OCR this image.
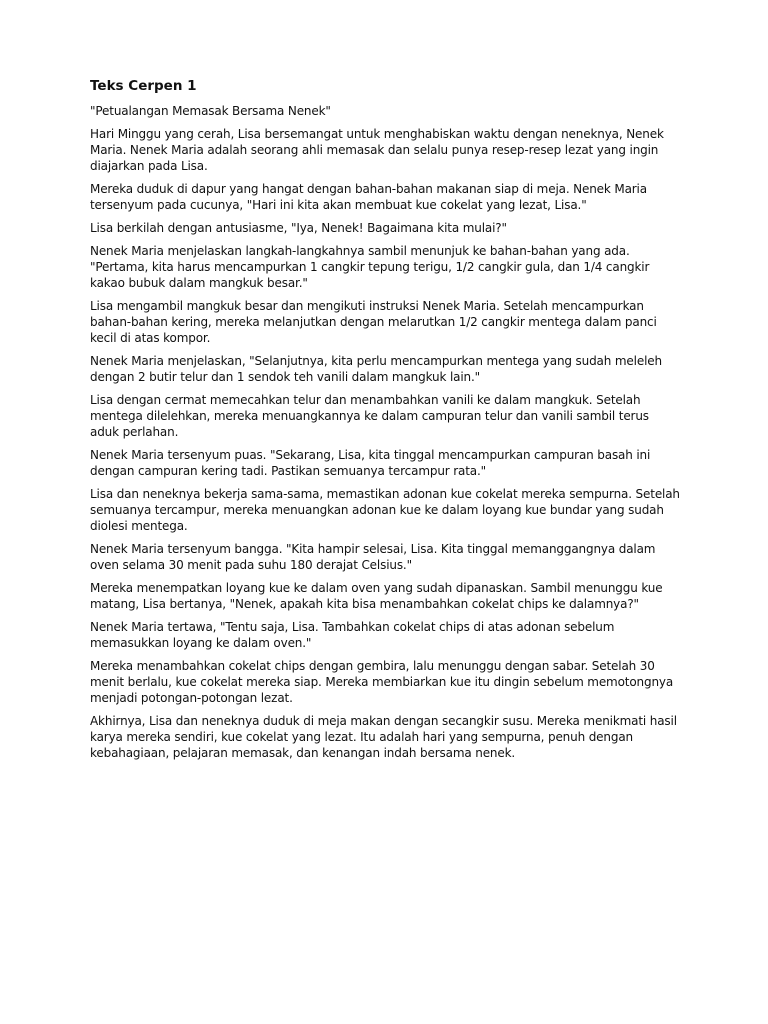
Teks Cerpen 1

"Petualangan Memasak Bersama Nenek"

Hari Minggu yang cerah, Lisa bersemangat untuk menghabiskan waktu dengan neneknya, Nenek Maria. Nenek Maria adalah seorang ahli memasak dan selalu punya resep-resep lezat yang ingin diajarkan pada Lisa.

Mereka duduk di dapur yang hangat dengan bahan-bahan makanan siap di meja. Nenek Maria tersenyum pada cucunya, "Hari ini kita akan membuat kue cokelat yang lezat, Lisa."

Lisa berkilah dengan antusiasme, "Iya, Nenek! Bagaimana kita mulai?"

Nenek Maria menjelaskan langkah-langkahnya sambil menunjuk ke bahan-bahan yang ada. "Pertama, kita harus mencampurkan 1 cangkir tepung terigu, 1/2 cangkir gula, dan 1/4 cangkir kakao bubuk dalam mangkuk besar."

Lisa mengambil mangkuk besar dan mengikuti instruksi Nenek Maria. Setelah mencampurkan bahan-bahan kering, mereka melanjutkan dengan melarutkan 1/2 cangkir mentega dalam panci kecil di atas kompor.

Nenek Maria menjelaskan, "Selanjutnya, kita perlu mencampurkan mentega yang sudah meleleh dengan 2 butir telur dan 1 sendok teh vanili dalam mangkuk lain."

Lisa dengan cermat memecahkan telur dan menambahkan vanili ke dalam mangkuk. Setelah mentega dilelehkan, mereka menuangkannya ke dalam campuran telur dan vanili sambil terus aduk perlahan.

Nenek Maria tersenyum puas. "Sekarang, Lisa, kita tinggal mencampurkan campuran basah ini dengan campuran kering tadi. Pastikan semuanya tercampur rata."

Lisa dan neneknya bekerja sama-sama, memastikan adonan kue cokelat mereka sempurna. Setelah semuanya tercampur, mereka menuangkan adonan kue ke dalam loyang kue bundar yang sudah diolesi mentega.

Nenek Maria tersenyum bangga. "Kita hampir selesai, Lisa. Kita tinggal memanggangnya dalam oven selama 30 menit pada suhu 180 derajat Celsius."

Mereka menempatkan loyang kue ke dalam oven yang sudah dipanaskan. Sambil menunggu kue matang, Lisa bertanya, "Nenek, apakah kita bisa menambahkan cokelat chips ke dalamnya?"

Nenek Maria tertawa, "Tentu saja, Lisa. Tambahkan cokelat chips di atas adonan sebelum memasukkan loyang ke dalam oven."

Mereka menambahkan cokelat chips dengan gembira, lalu menunggu dengan sabar. Setelah 30 menit berlalu, kue cokelat mereka siap. Mereka membiarkan kue itu dingin sebelum memotongnya menjadi potongan-potongan lezat.

Akhirnya, Lisa dan neneknya duduk di meja makan dengan secangkir susu. Mereka menikmati hasil karya mereka sendiri, kue cokelat yang lezat. Itu adalah hari yang sempurna, penuh dengan kebahagiaan, pelajaran memasak, dan kenangan indah bersama nenek.
